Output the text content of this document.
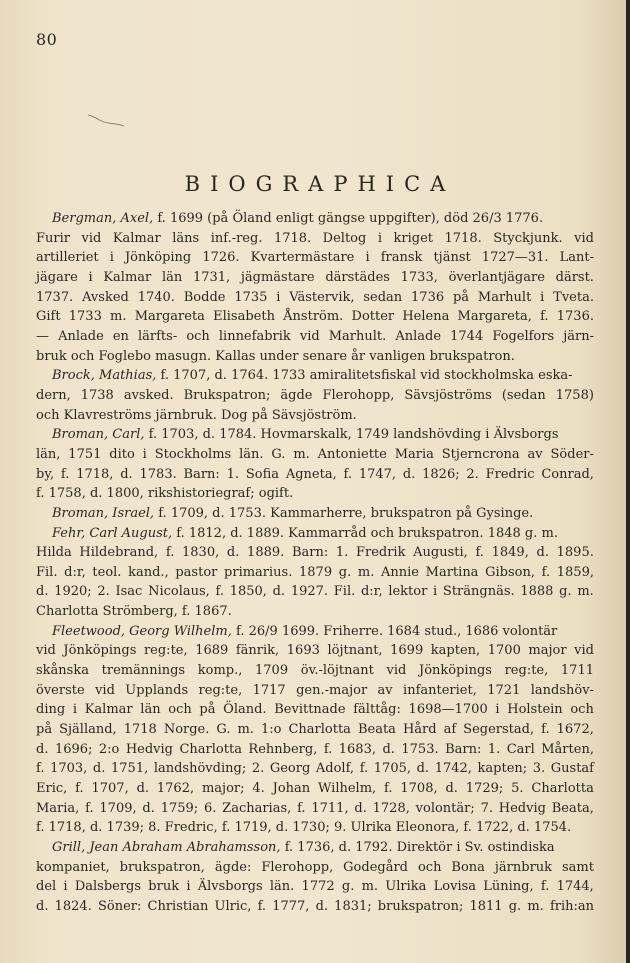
80
BIOGRAPHICA
Bergman, Axel, f. 1699 (på Öland enligt gängse uppgifter), död 26/3 1776.
Furir vid Kalmar läns inf.-reg. 1718. Deltog i kriget 1718. Styckjunk. vid
artilleriet i Jönköping 1726. Kvartermästare i fransk tjänst 1727—31. Lant-
jägare i Kalmar län 1731, jägmästare därstädes 1733, överlantjägare därst.
1737. Avsked 1740. Bodde 1735 i Västervik, sedan 1736 på Marhult i Tveta.
Gift 1733 m. Margareta Elisabeth Ånström. Dotter Helena Margareta, f. 1736.
— Anlade en lärfts- och linnefabrik vid Marhult. Anlade 1744 Fogelfors järn-
bruk och Foglebo masugn. Kallas under senare år vanligen brukspatron.
Brock, Mathias, f. 1707, d. 1764. 1733 amiralitetsfiskal vid stockholmska eska-
dern, 1738 avsked. Brukspatron; ägde Flerohopp, Sävsjöströms (sedan 1758)
och Klavreströms järnbruk. Dog på Sävsjöström.
Broman, Carl, f. 1703, d. 1784. Hovmarskalk, 1749 landshövding i Älvsborgs
län, 1751 dito i Stockholms län. G. m. Antoniette Maria Stjerncrona av Söder-
by, f. 1718, d. 1783. Barn: 1. Sofia Agneta, f. 1747, d. 1826; 2. Fredric Conrad,
f. 1758, d. 1800, rikshistoriegraf; ogift.
Broman, Israel, f. 1709, d. 1753. Kammarherre, brukspatron på Gysinge.
Fehr, Carl August, f. 1812, d. 1889. Kammarråd och brukspatron. 1848 g. m.
Hilda Hildebrand, f. 1830, d. 1889. Barn: 1. Fredrik Augusti, f. 1849, d. 1895.
Fil. d:r, teol. kand., pastor primarius. 1879 g. m. Annie Martina Gibson, f. 1859,
d. 1920; 2. Isac Nicolaus, f. 1850, d. 1927. Fil. d:r, lektor i Strängnäs. 1888 g. m.
Charlotta Strömberg, f. 1867.
Fleetwood, Georg Wilhelm, f. 26/9 1699. Friherre. 1684 stud., 1686 volontär
vid Jönköpings reg:te, 1689 fänrik, 1693 löjtnant, 1699 kapten, 1700 major vid
skånska tremännings komp., 1709 öv.-löjtnant vid Jönköpings reg:te, 1711
överste vid Upplands reg:te, 1717 gen.-major av infanteriet, 1721 landshöv-
ding i Kalmar län och på Öland. Bevittnade fälttåg: 1698—1700 i Holstein och
på Själland, 1718 Norge. G. m. 1:o Charlotta Beata Hård af Segerstad, f. 1672,
d. 1696; 2:o Hedvig Charlotta Rehnberg, f. 1683, d. 1753. Barn: 1. Carl Mårten,
f. 1703, d. 1751, landshövding; 2. Georg Adolf, f. 1705, d. 1742, kapten; 3. Gustaf
Eric, f. 1707, d. 1762, major; 4. Johan Wilhelm, f. 1708, d. 1729; 5. Charlotta
Maria, f. 1709, d. 1759; 6. Zacharias, f. 1711, d. 1728, volontär; 7. Hedvig Beata,
f. 1718, d. 1739; 8. Fredric, f. 1719, d. 1730; 9. Ulrika Eleonora, f. 1722, d. 1754.
Grill, Jean Abraham Abrahamsson, f. 1736, d. 1792. Direktör i Sv. ostindiska
kompaniet, brukspatron, ägde: Flerohopp, Godegård och Bona järnbruk samt
del i Dalsbergs bruk i Älvsborgs län. 1772 g. m. Ulrika Lovisa Lüning, f. 1744,
d. 1824. Söner: Christian Ulric, f. 1777, d. 1831; brukspatron; 1811 g. m. frih:an
